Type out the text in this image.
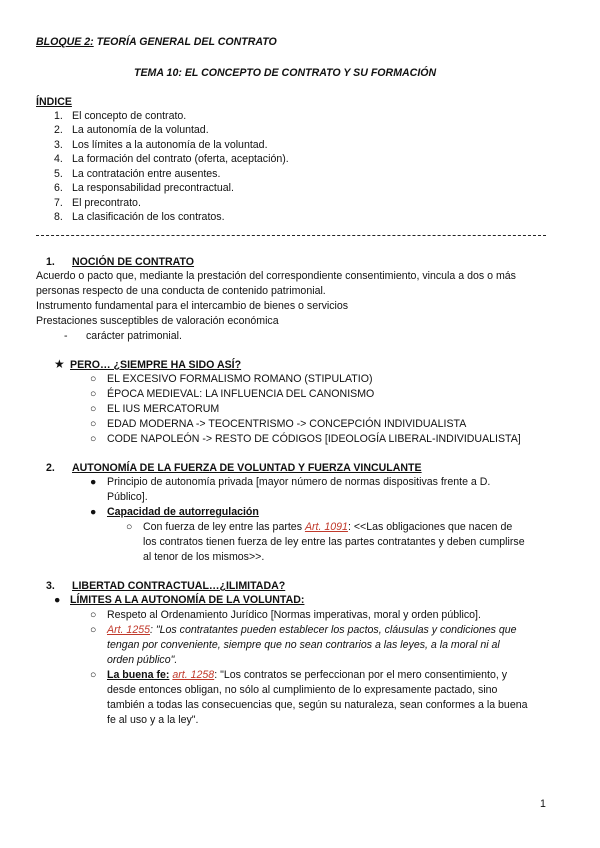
BLOQUE 2: TEORÍA GENERAL DEL CONTRATO
TEMA 10: EL CONCEPTO DE CONTRATO Y SU FORMACIÓN
ÍNDICE
1. El concepto de contrato.
2. La autonomía de la voluntad.
3. Los límites a la autonomía de la voluntad.
4. La formación del contrato (oferta, aceptación).
5. La contratación entre ausentes.
6. La responsabilidad precontractual.
7. El precontrato.
8. La clasificación de los contratos.
1. NOCIÓN DE CONTRATO
Acuerdo o pacto que, mediante la prestación del correspondiente consentimiento, vincula a dos o más
personas respecto de una conducta de contenido patrimonial.
Instrumento fundamental para el intercambio de bienes o servicios
Prestaciones susceptibles de valoración económica
- carácter patrimonial.
★ PERO… ¿SIEMPRE HA SIDO ASÍ?
○ EL EXCESIVO FORMALISMO ROMANO (STIPULATIO)
○ ÉPOCA MEDIEVAL: LA INFLUENCIA DEL CANONISMO
○ EL IUS MERCATORUM
○ EDAD MODERNA -> TEOCENTRISMO -> CONCEPCIÓN INDIVIDUALISTA
○ CODE NAPOLEÓN -> RESTO DE CÓDIGOS [IDEOLOGÍA LIBERAL-INDIVIDUALISTA]
2. AUTONOMÍA DE LA FUERZA DE VOLUNTAD Y FUERZA VINCULANTE
● Principio de autonomía privada [mayor número de normas dispositivas frente a D.
Público].
● Capacidad de autorregulación
○ Con fuerza de ley entre las partes Art. 1091: <<Las obligaciones que nacen de
los contratos tienen fuerza de ley entre las partes contratantes y deben cumplirse
al tenor de los mismos>>.
3. LIBERTAD CONTRACTUAL…¿ILIMITADA?
● LÍMITES A LA AUTONOMÍA DE LA VOLUNTAD:
○ Respeto al Ordenamiento Jurídico [Normas imperativas, moral y orden público].
○ Art. 1255: "Los contratantes pueden establecer los pactos, cláusulas y condiciones que
tengan por conveniente, siempre que no sean contrarios a las leyes, a la moral ni al
orden público".
○ La buena fe: art. 1258: "Los contratos se perfeccionan por el mero consentimiento, y
desde entonces obligan, no sólo al cumplimiento de lo expresamente pactado, sino
también a todas las consecuencias que, según su naturaleza, sean conformes a la buena
fe al uso y a la ley".
1
